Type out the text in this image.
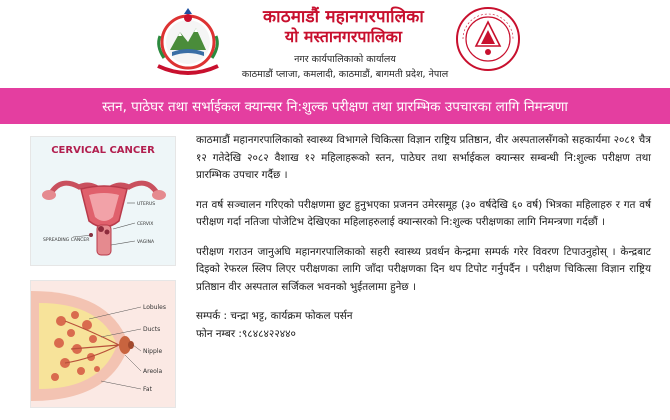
काठमाडौं महानगरपालिका
यो मस्तानगरपालिका
नगर कार्यपालिकाको कार्यालय
काठमाडौं प्लाजा, कमलादी, काठमाडौं, बागमती प्रदेश, नेपाल
स्तन, पाठेघर तथा सर्भाईकल क्यान्सर नि:शुल्क परीक्षण तथा प्रारम्भिक उपचारका लागि निमन्त्रणा
CERVICAL CANCER
UTERUS
CERVIX
VAGINA
SPREADING CANCER
Lobules
Ducts
Nipple
Areola
Fat

काठमाडौं महानगरपालिकाको स्वास्थ्य विभागले चिकित्सा विज्ञान राष्ट्रिय प्रतिष्ठान, वीर अस्पतालसँगको सहकार्यमा २०८१ चैत्र १२ गतेदेखि २०८२ वैशाख १२ महिलाहरूको स्तन, पाठेघर तथा सर्भाईकल क्यान्सर सम्बन्धी नि:शुल्क परीक्षण तथा प्रारम्भिक उपचार गर्दैछ ।

गत वर्ष सञ्चालन गरिएको परीक्षणमा छुट हुनुभएका प्रजनन उमेरसमूह (३० वर्षदेखि ६० वर्ष) भित्रका महिलाहरु र गत वर्ष परीक्षण गर्दा नतिजा पोजेटिभ देखिएका महिलाहरुलाई क्यान्सरको नि:शुल्क परीक्षणका लागि निमन्त्रणा गर्दछौं ।

परीक्षण गराउन जानुअघि महानगरपालिकाको सहरी स्वास्थ्य प्रवर्धन केन्द्रमा सम्पर्क गरेर विवरण टिपाउनुहोस् । केन्द्रबाट दिइको रेफरल स्लिप लिएर परीक्षणका लागि जाँदा परीक्षणका दिन थप टिपोट गर्नुपर्दैन । परीक्षण चिकित्सा विज्ञान राष्ट्रिय प्रतिष्ठान वीर अस्पताल सर्जिकल भवनको भुईतलामा हुनेछ ।

सम्पर्क : चन्द्रा भट्ट, कार्यक्रम फोकल पर्सन
फोन नम्बर :९८४८४२२४४०
